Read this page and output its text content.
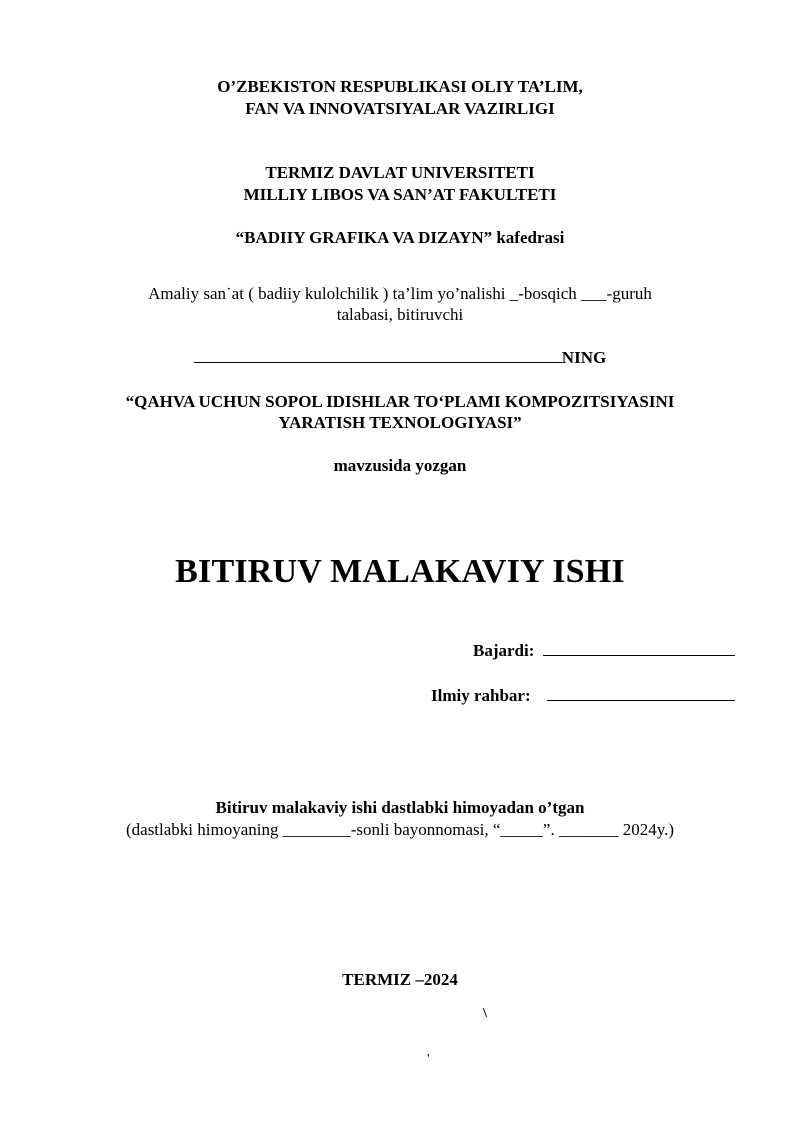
O’ZBEKISTON RESPUBLIKASI OLIY TA’LIM,
FAN VA INNOVATSIYALAR VAZIRLIGI
TERMIZ DAVLAT UNIVERSITETI
MILLIY LIBOS VA SAN’AT FAKULTETI
“BADIIY GRAFIKA VA DIZAYN” kafedrasi
Amaliy san˙at ( badiiy kulolchilik ) ta’lim yo’nalishi _-bosqich ___-guruh
talabasi, bitiruvchi
NING
“QAHVA UCHUN SOPOL IDISHLAR TO‘PLAMI KOMPOZITSIYASINI
YARATISH TEXNOLOGIYASI”
mavzusida yozgan
BITIRUV MALAKAVIY ISHI
Bajardi:
Ilmiy rahbar:
Bitiruv malakaviy ishi dastlabki himoyadan o’tgan
(dastlabki himoyaning ________-sonli bayonnomasi, “_____”. _______ 2024y.)
TERMIZ –2024
\
'
